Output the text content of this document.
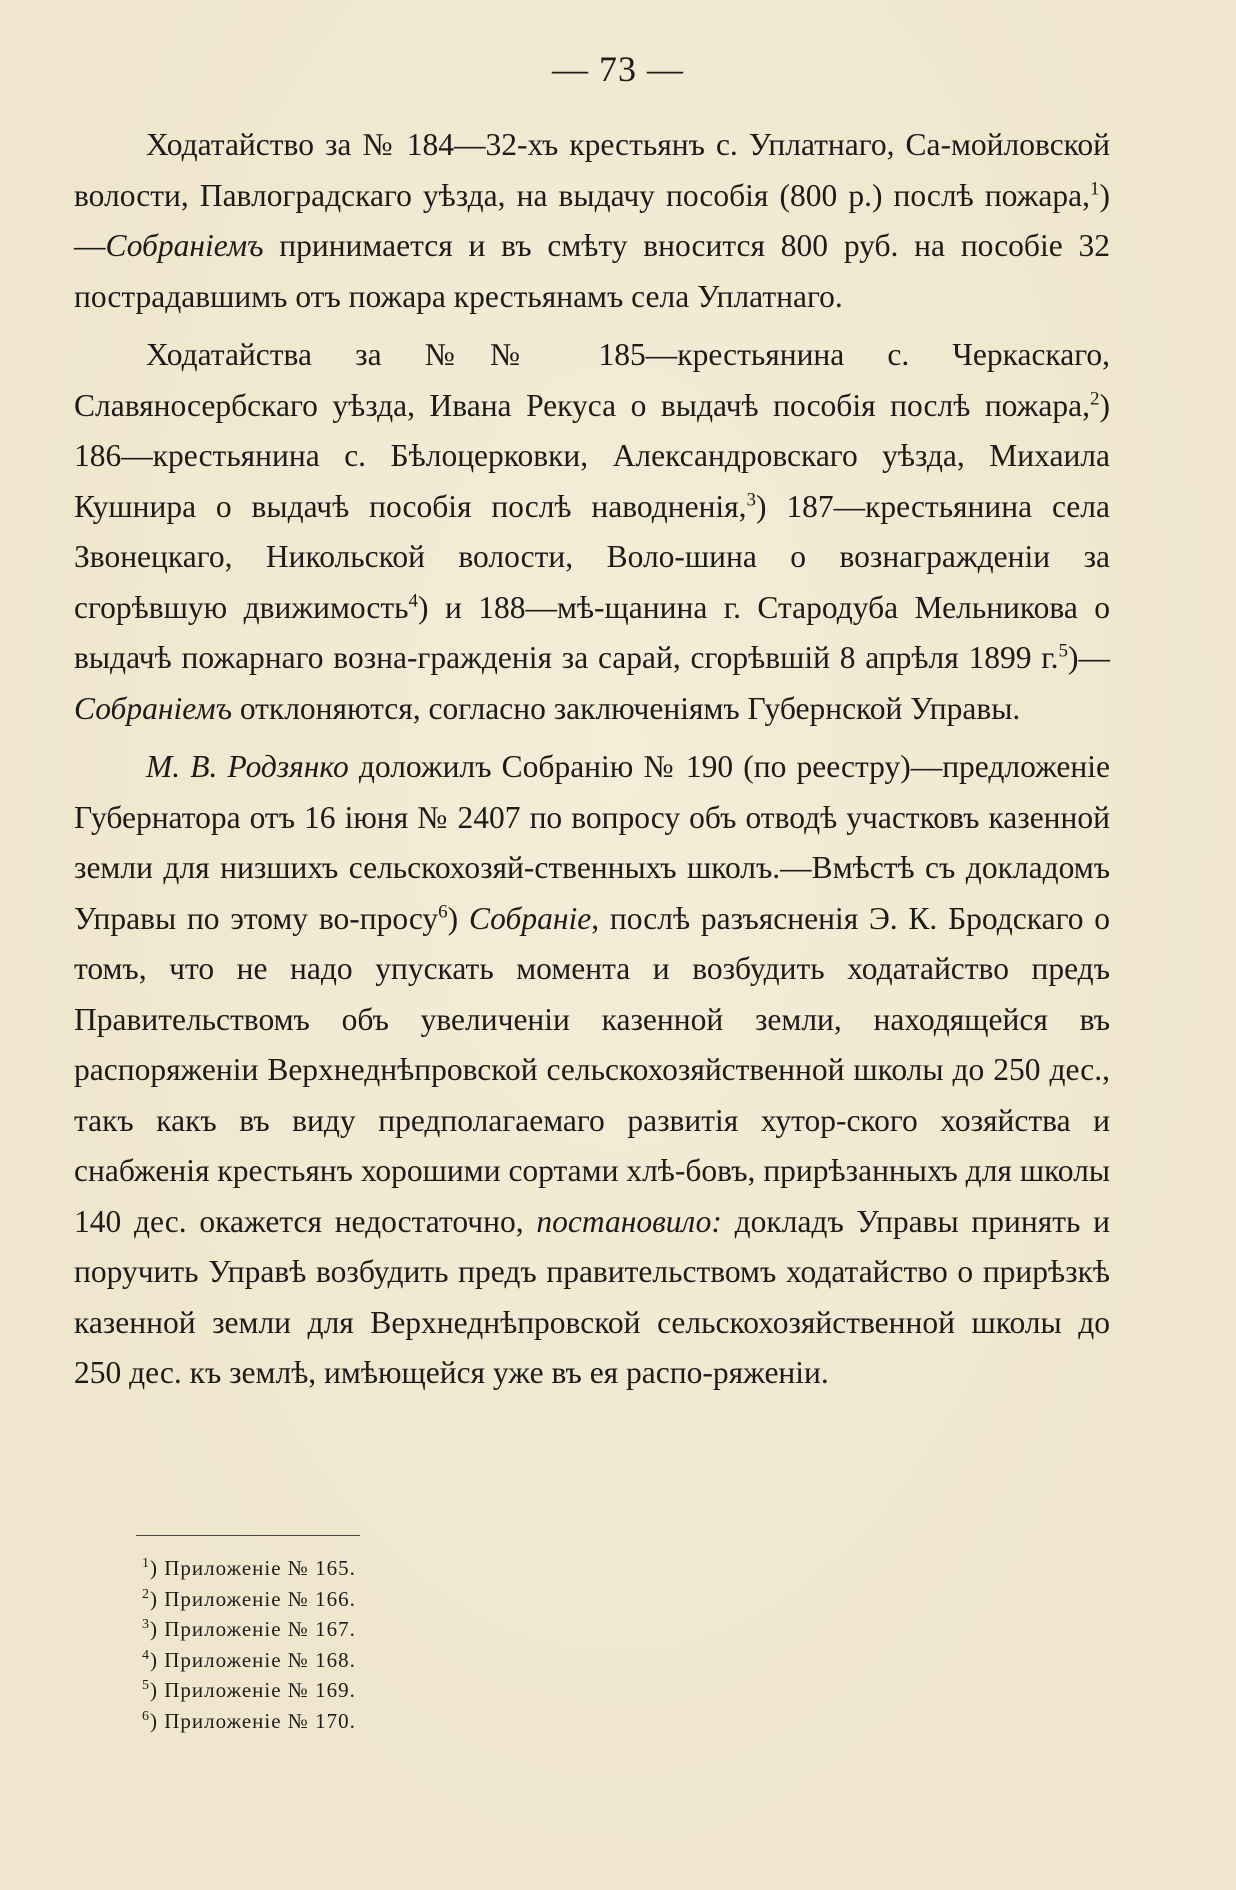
— 73 —

Ходатайство за № 184—32-хъ крестьянъ с. Уплатнаго, Са-мойловской волости, Павлоградскаго уѣзда, на выдачу пособія (800 р.) послѣ пожара,$^1$)—Собраніемъ принимается и въ смѣту вносится 800 руб. на пособіе 32 пострадавшимъ отъ пожара крестьянамъ села Уплатнаго.

Ходатайства за №№ 185—крестьянина с. Черкаскаго, Славяносербскаго уѣзда, Ивана Рекуса о выдачѣ пособія послѣ пожара,$^2$) 186—крестьянина с. Бѣлоцерковки, Александровскаго уѣзда, Михаила Кушнира о выдачѣ пособія послѣ наводненія,$^3$) 187—крестьянина села Звонецкаго, Никольской волости, Воло-шина о вознагражденіи за сгорѣвшую движимость$^4$) и 188—мѣ-щанина г. Стародуба Мельникова о выдачѣ пожарнаго возна-гражденія за сарай, сгорѣвшій 8 апрѣля 1899 г.$^5$)—Собраніемъ отклоняются, согласно заключеніямъ Губернской Управы.

М. В. Родзянко доложилъ Собранію № 190 (по реестру)—предложеніе Губернатора отъ 16 іюня № 2407 по вопросу объ отводѣ участковъ казенной земли для низшихъ сельскохозяй-ственныхъ школъ.—Вмѣстѣ съ докладомъ Управы по этому во-просу$^6$) Собраніе, послѣ разъясненія Э. К. Бродскаго о томъ, что не надо упускать момента и возбудить ходатайство предъ Правительствомъ объ увеличеніи казенной земли, находящейся въ распоряженіи Верхнеднѣпровской сельскохозяйственной школы до 250 дес., такъ какъ въ виду предполагаемаго развитія хутор-ского хозяйства и снабженія крестьянъ хорошими сортами хлѣ-бовъ, прирѣзанныхъ для школы 140 дес. окажется недостаточно, постановило: докладъ Управы принять и поручить Управѣ возбудить предъ правительствомъ ходатайство о прирѣзкѣ казенной земли для Верхнеднѣпровской сельскохозяйственной школы до 250 дес. къ землѣ, имѣющейся уже въ ея распо-ряженіи.

$^1$) Приложеніе № 165.
$^2$) Приложеніе № 166.
$^3$) Приложеніе № 167.
$^4$) Приложеніе № 168.
$^5$) Приложеніе № 169.
$^6$) Приложеніе № 170.
